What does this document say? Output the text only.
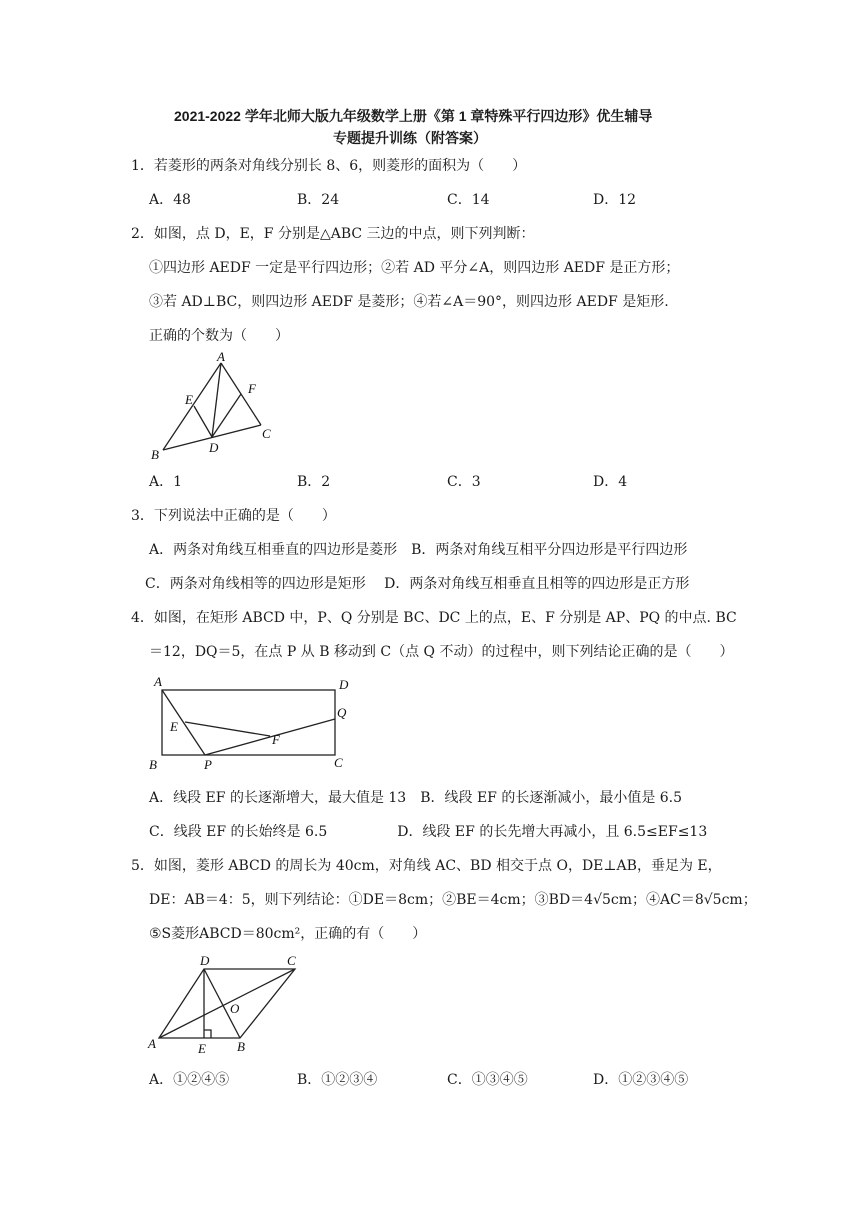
2021-2022 学年北师大版九年级数学上册《第 1 章特殊平行四边形》优生辅导
专题提升训练（附答案）
1．若菱形的两条对角线分别长 8、6，则菱形的面积为（　　）
A．48	B．24	C．14	D．12
2．如图，点 D，E，F 分别是△ABC 三边的中点，则下列判断：
①四边形 AEDF 一定是平行四边形；②若 AD 平分∠A，则四边形 AEDF 是正方形；
③若 AD⊥BC，则四边形 AEDF 是菱形；④若∠A＝90°，则四边形 AEDF 是矩形.
正确的个数为（　　）
A
E
F
B	D
C
A．1	B．2	C．3	D．4
3．下列说法中正确的是（　　）
A．两条对角线互相垂直的四边形是菱形　B．两条对角线互相平分四边形是平行四边形
C．两条对角线相等的四边形是矩形　 D．两条对角线互相垂直且相等的四边形是正方形
4．如图，在矩形 ABCD 中，P、Q 分别是 BC、DC 上的点，E、F 分别是 AP、PQ 的中点. BC
＝12，DQ＝5，在点 P 从 B 移动到 C（点 Q 不动）的过程中，则下列结论正确的是（　　）
A	D
Q
E
F
B	P	C
A．线段 EF 的长逐渐增大，最大值是 13　B．线段 EF 的长逐渐减小，最小值是 6.5
C．线段 EF 的长始终是 6.5　　　　　D．线段 EF 的长先增大再减小，且 6.5≤EF≤13
5．如图，菱形 ABCD 的周长为 40cm，对角线 AC、BD 相交于点 O，DE⊥AB，垂足为 E，
DE：AB＝4：5，则下列结论：①DE＝8cm；②BE＝4cm；③BD＝4√5cm；④AC＝8√5cm；
⑤S菱形ABCD＝80cm²，正确的有（　　）
D	C
O
A	E B
A．①②④⑤	B．①②③④	C．①③④⑤	D．①②③④⑤
